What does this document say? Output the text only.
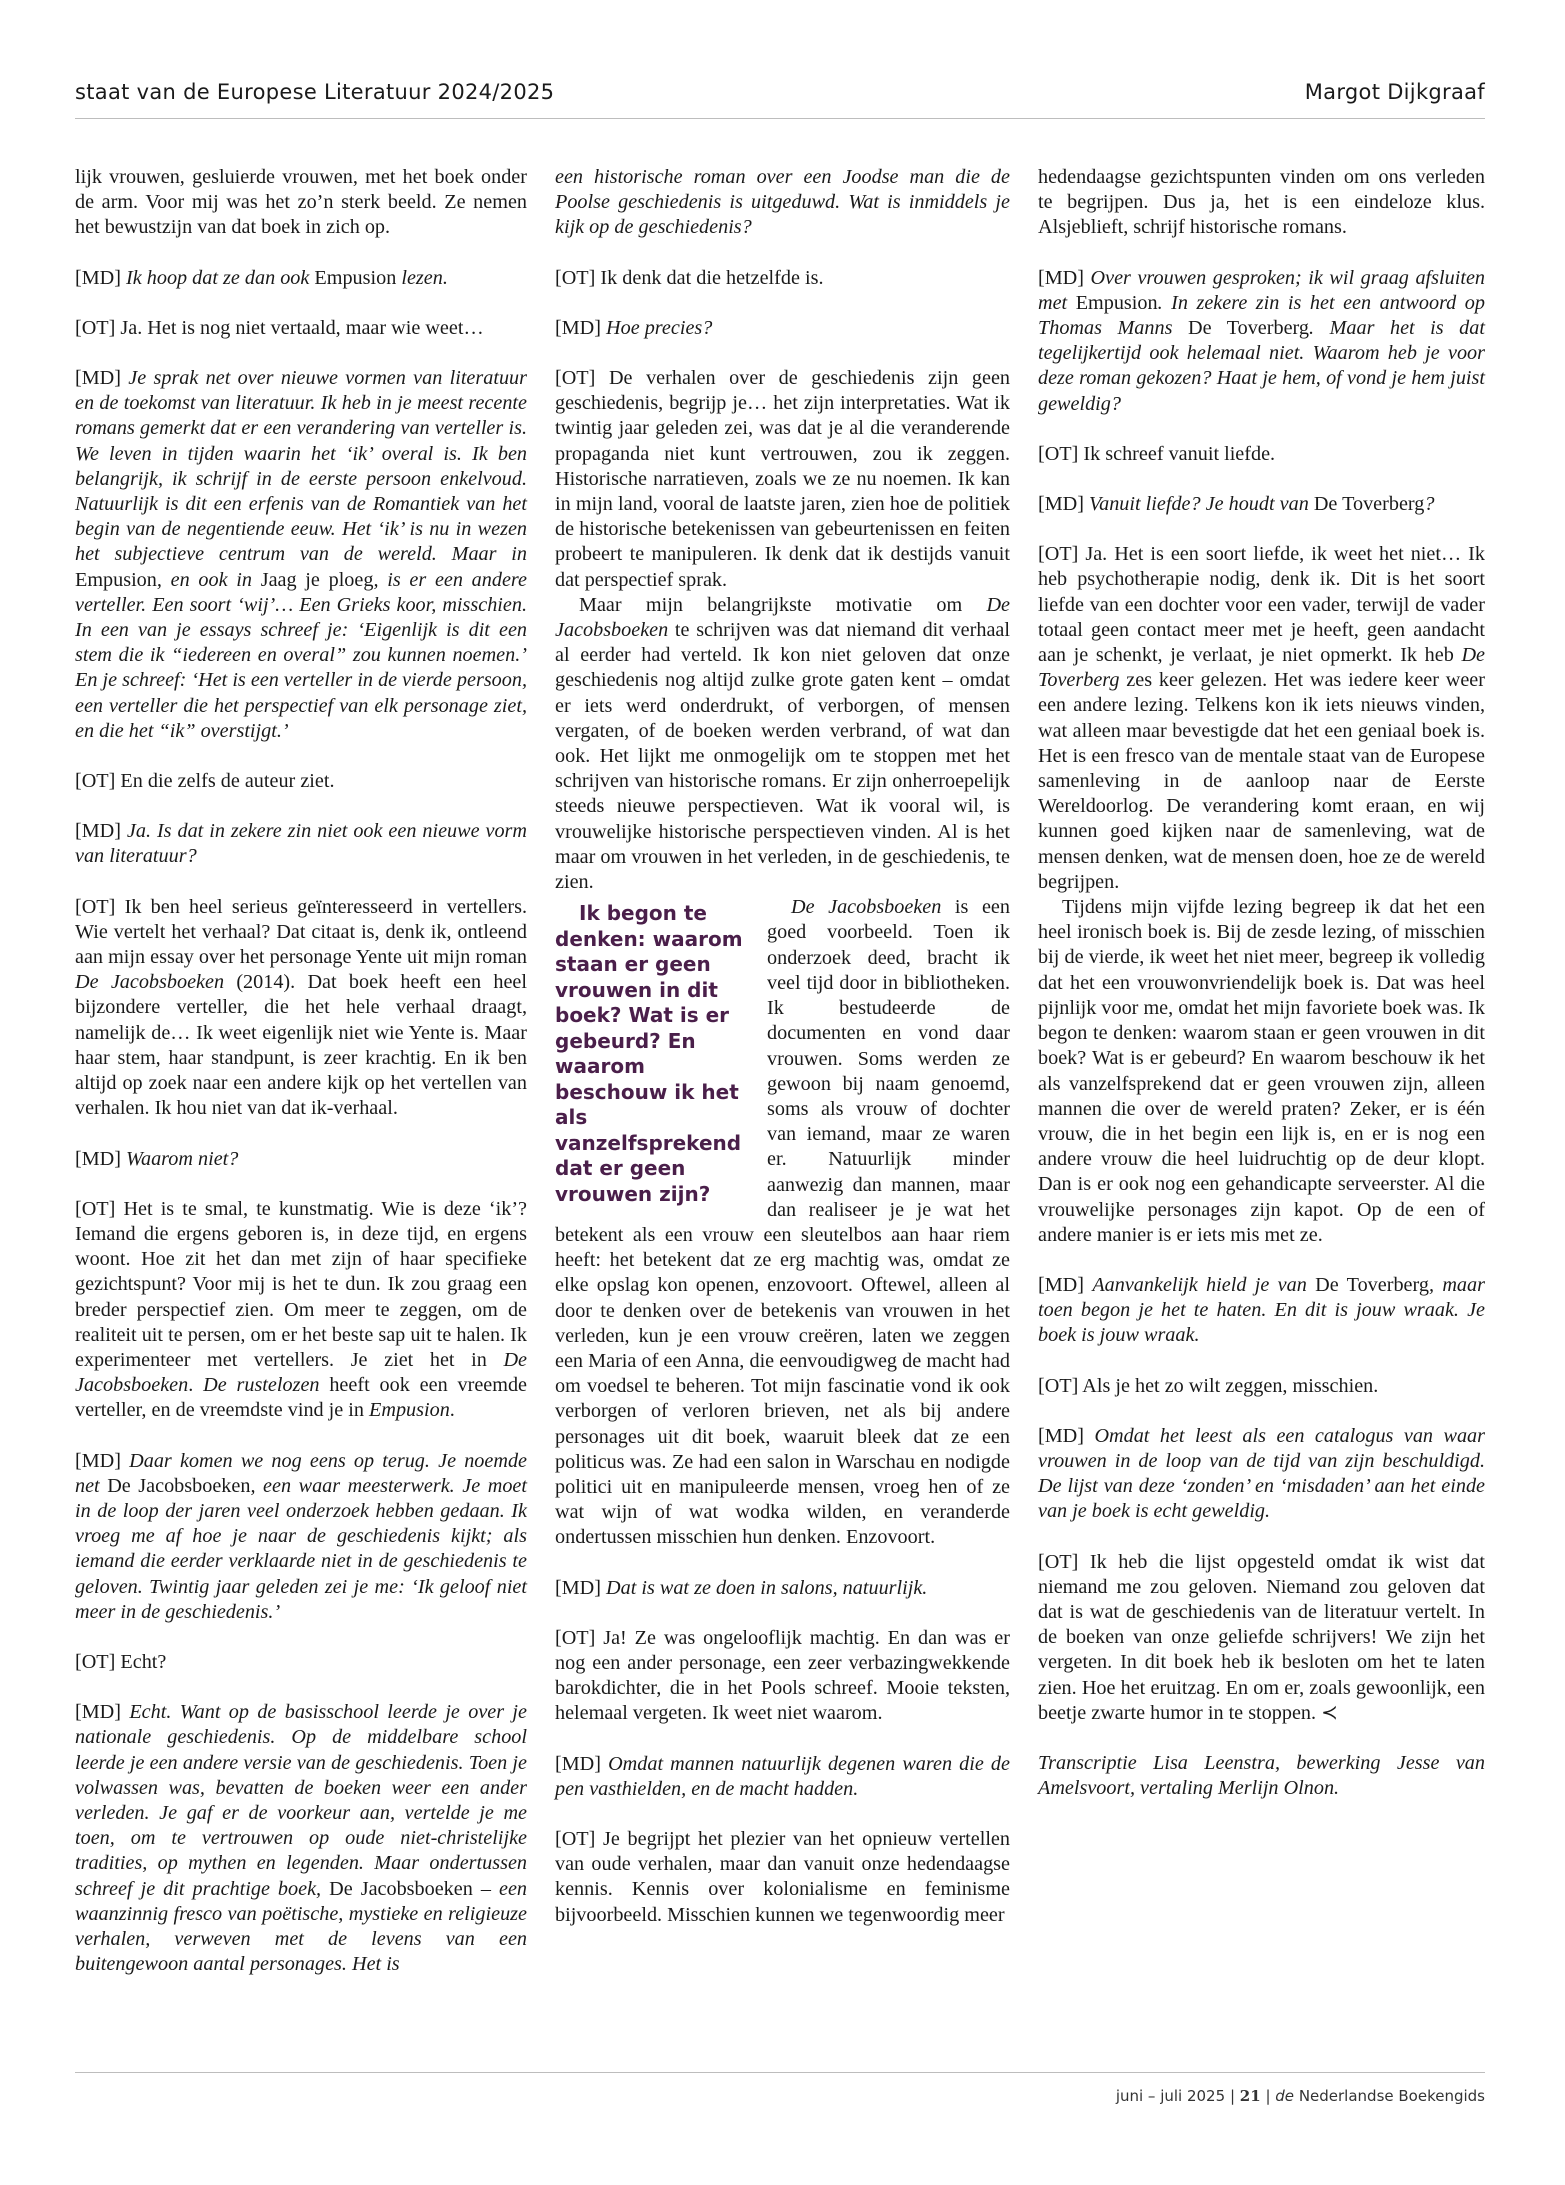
staat van de Europese Literatuur 2024/2025	Margot Dijkgraaf

lijk vrouwen, gesluierde vrouwen, met het boek onder de arm. Voor mij was het zo’n sterk beeld. Ze nemen het bewustzijn van dat boek in zich op.

[MD] Ik hoop dat ze dan ook Empusion lezen.

[OT] Ja. Het is nog niet vertaald, maar wie weet…

[MD] Je sprak net over nieuwe vormen van literatuur en de toekomst van literatuur. Ik heb in je meest recente romans gemerkt dat er een verandering van verteller is. We leven in tijden waarin het ‘ik’ overal is. Ik ben belangrijk, ik schrijf in de eerste persoon enkelvoud. Natuurlijk is dit een erfenis van de Romantiek van het begin van de negentiende eeuw. Het ‘ik’ is nu in wezen het subjectieve centrum van de wereld. Maar in Empusion, en ook in Jaag je ploeg, is er een andere verteller. Een soort ‘wij’… Een Grieks koor, misschien. In een van je essays schreef je: ‘Eigenlijk is dit een stem die ik “iedereen en overal” zou kunnen noemen.’ En je schreef: ‘Het is een verteller in de vierde persoon, een verteller die het perspectief van elk personage ziet, en die het “ik” overstijgt.’

[OT] En die zelfs de auteur ziet.

[MD] Ja. Is dat in zekere zin niet ook een nieuwe vorm van literatuur?

[OT] Ik ben heel serieus geïnteresseerd in vertellers. Wie vertelt het verhaal? Dat citaat is, denk ik, ontleend aan mijn essay over het personage Yente uit mijn roman De Jacobsboeken (2014). Dat boek heeft een heel bijzondere verteller, die het hele verhaal draagt, namelijk de… Ik weet eigenlijk niet wie Yente is. Maar haar stem, haar standpunt, is zeer krachtig. En ik ben altijd op zoek naar een andere kijk op het vertellen van verhalen. Ik hou niet van dat ik-verhaal.

[MD] Waarom niet?

[OT] Het is te smal, te kunstmatig. Wie is deze ‘ik’? Iemand die ergens geboren is, in deze tijd, en ergens woont. Hoe zit het dan met zijn of haar specifieke gezichtspunt? Voor mij is het te dun. Ik zou graag een breder perspectief zien. Om meer te zeggen, om de realiteit uit te persen, om er het beste sap uit te halen. Ik experimenteer met vertellers. Je ziet het in De Jacobsboeken. De rustelozen heeft ook een vreemde verteller, en de vreemdste vind je in Empusion.

[MD] Daar komen we nog eens op terug. Je noemde net De Jacobsboeken, een waar meesterwerk. Je moet in de loop der jaren veel onderzoek hebben gedaan. Ik vroeg me af hoe je naar de geschiedenis kijkt; als iemand die eerder verklaarde niet in de geschiedenis te geloven. Twintig jaar geleden zei je me: ‘Ik geloof niet meer in de geschiedenis.’

[OT] Echt?

[MD] Echt. Want op de basisschool leerde je over je nationale geschiedenis. Op de middelbare school leerde je een andere versie van de geschiedenis. Toen je volwassen was, bevatten de boeken weer een ander verleden. Je gaf er de voorkeur aan, vertelde je me toen, om te vertrouwen op oude niet-christelijke tradities, op mythen en legenden. Maar ondertussen schreef je dit prachtige boek, De Jacobsboeken – een waanzinnig fresco van poëtische, mystieke en religieuze verhalen, verweven met de levens van een buitengewoon aantal personages. Het is

een historische roman over een Joodse man die de Poolse geschiedenis is uitgeduwd. Wat is inmiddels je kijk op de geschiedenis?

[OT] Ik denk dat die hetzelfde is.

[MD] Hoe precies?

[OT] De verhalen over de geschiedenis zijn geen geschiedenis, begrijp je… het zijn interpretaties. Wat ik twintig jaar geleden zei, was dat je al die veranderende propaganda niet kunt vertrouwen, zou ik zeggen. Historische narratieven, zoals we ze nu noemen. Ik kan in mijn land, vooral de laatste jaren, zien hoe de politiek de historische betekenissen van gebeurtenissen en feiten probeert te manipuleren. Ik denk dat ik destijds vanuit dat perspectief sprak.

Maar mijn belangrijkste motivatie om De Jacobsboeken te schrijven was dat niemand dit verhaal al eerder had verteld. Ik kon niet geloven dat onze geschiedenis nog altijd zulke grote gaten kent – omdat er iets werd onderdrukt, of verborgen, of mensen vergaten, of de boeken werden verbrand, of wat dan ook. Het lijkt me onmogelijk om te stoppen met het schrijven van historische romans. Er zijn onherroepelijk steeds nieuwe perspectieven. Wat ik vooral wil, is vrouwelijke historische perspectieven vinden. Al is het maar om vrouwen in het verleden, in de geschiedenis, te zien.

Ik begon te denken: waarom staan er geen vrouwen in dit boek? Wat is er gebeurd? En waarom beschouw ik het als vanzelfsprekend dat er geen vrouwen zijn?
De Jacobsboeken is een goed voorbeeld. Toen ik onderzoek deed, bracht ik veel tijd door in bibliotheken. Ik bestudeerde de documenten en vond daar vrouwen. Soms werden ze gewoon bij naam genoemd, soms als vrouw of dochter van iemand, maar ze waren er. Natuurlijk minder aanwezig dan mannen, maar dan realiseer je je wat het betekent als een vrouw een sleutelbos aan haar riem heeft: het betekent dat ze erg machtig was, omdat ze elke opslag kon openen, enzovoort. Oftewel, alleen al door te denken over de betekenis van vrouwen in het verleden, kun je een vrouw creëren, laten we zeggen een Maria of een Anna, die eenvoudigweg de macht had om voedsel te beheren. Tot mijn fascinatie vond ik ook verborgen of verloren brieven, net als bij andere personages uit dit boek, waaruit bleek dat ze een politicus was. Ze had een salon in Warschau en nodigde politici uit en manipuleerde mensen, vroeg hen of ze wat wijn of wat wodka wilden, en veranderde ondertussen misschien hun denken. Enzovoort.

[MD] Dat is wat ze doen in salons, natuurlijk.

[OT] Ja! Ze was ongelooflijk machtig. En dan was er nog een ander personage, een zeer verbazingwekkende barokdichter, die in het Pools schreef. Mooie teksten, helemaal vergeten. Ik weet niet waarom.

[MD] Omdat mannen natuurlijk degenen waren die de pen vasthielden, en de macht hadden.

[OT] Je begrijpt het plezier van het opnieuw vertellen van oude verhalen, maar dan vanuit onze hedendaagse kennis. Kennis over kolonialisme en feminisme bijvoorbeeld. Misschien kunnen we tegenwoordig meer

hedendaagse gezichtspunten vinden om ons verleden te begrijpen. Dus ja, het is een eindeloze klus. Alsjeblieft, schrijf historische romans.

[MD] Over vrouwen gesproken; ik wil graag afsluiten met Empusion. In zekere zin is het een antwoord op Thomas Manns De Toverberg. Maar het is dat tegelijkertijd ook helemaal niet. Waarom heb je voor deze roman gekozen? Haat je hem, of vond je hem juist geweldig?

[OT] Ik schreef vanuit liefde.

[MD] Vanuit liefde? Je houdt van De Toverberg?

[OT] Ja. Het is een soort liefde, ik weet het niet… Ik heb psychotherapie nodig, denk ik. Dit is het soort liefde van een dochter voor een vader, terwijl de vader totaal geen contact meer met je heeft, geen aandacht aan je schenkt, je verlaat, je niet opmerkt. Ik heb De Toverberg zes keer gelezen. Het was iedere keer weer een andere lezing. Telkens kon ik iets nieuws vinden, wat alleen maar bevestigde dat het een geniaal boek is. Het is een fresco van de mentale staat van de Europese samenleving in de aanloop naar de Eerste Wereldoorlog. De verandering komt eraan, en wij kunnen goed kijken naar de samenleving, wat de mensen denken, wat de mensen doen, hoe ze de wereld begrijpen.

Tijdens mijn vijfde lezing begreep ik dat het een heel ironisch boek is. Bij de zesde lezing, of misschien bij de vierde, ik weet het niet meer, begreep ik volledig dat het een vrouwonvriendelijk boek is. Dat was heel pijnlijk voor me, omdat het mijn favoriete boek was. Ik begon te denken: waarom staan er geen vrouwen in dit boek? Wat is er gebeurd? En waarom beschouw ik het als vanzelfsprekend dat er geen vrouwen zijn, alleen mannen die over de wereld praten? Zeker, er is één vrouw, die in het begin een lijk is, en er is nog een andere vrouw die heel luidruchtig op de deur klopt. Dan is er ook nog een gehandicapte serveerster. Al die vrouwelijke personages zijn kapot. Op de een of andere manier is er iets mis met ze.

[MD] Aanvankelijk hield je van De Toverberg, maar toen begon je het te haten. En dit is jouw wraak. Je boek is jouw wraak.

[OT] Als je het zo wilt zeggen, misschien.

[MD] Omdat het leest als een catalogus van waar vrouwen in de loop van de tijd van zijn beschuldigd. De lijst van deze ‘zonden’ en ‘misdaden’ aan het einde van je boek is echt geweldig.

[OT] Ik heb die lijst opgesteld omdat ik wist dat niemand me zou geloven. Niemand zou geloven dat dat is wat de geschiedenis van de literatuur vertelt. In de boeken van onze geliefde schrijvers! We zijn het vergeten. In dit boek heb ik besloten om het te laten zien. Hoe het eruitzag. En om er, zoals gewoonlijk, een beetje zwarte humor in te stoppen. ≺

Transcriptie Lisa Leenstra, bewerking Jesse van Amelsvoort, vertaling Merlijn Olnon.

juni – juli 2025 | 21 | de Nederlandse Boekengids
